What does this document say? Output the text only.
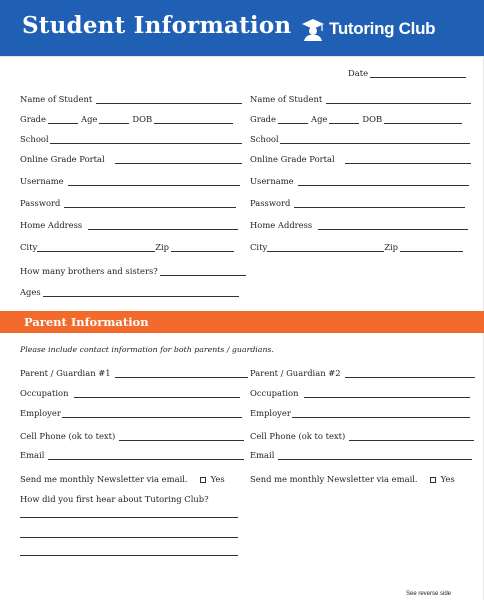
Student Information Tutoring Club
Date
Name of Student
Grade	Age	DOB
School
Online Grade Portal
Username
Password
Home Address
City	Zip
Name of Student
Grade	Age	DOB
School
Online Grade Portal
Username
Password
Home Address
City	Zip
How many brothers and sisters?
Ages
Parent Information
Please include contact information for both parents / guardians.
Parent / Guardian #1
Occupation
Employer
Cell Phone (ok to text)
Email
Send me monthly Newsletter via email.	Yes
Parent / Guardian #2
Occupation
Employer
Cell Phone (ok to text)
Email
Send me monthly Newsletter via email.	Yes
How did you first hear about Tutoring Club?
See reverse side
